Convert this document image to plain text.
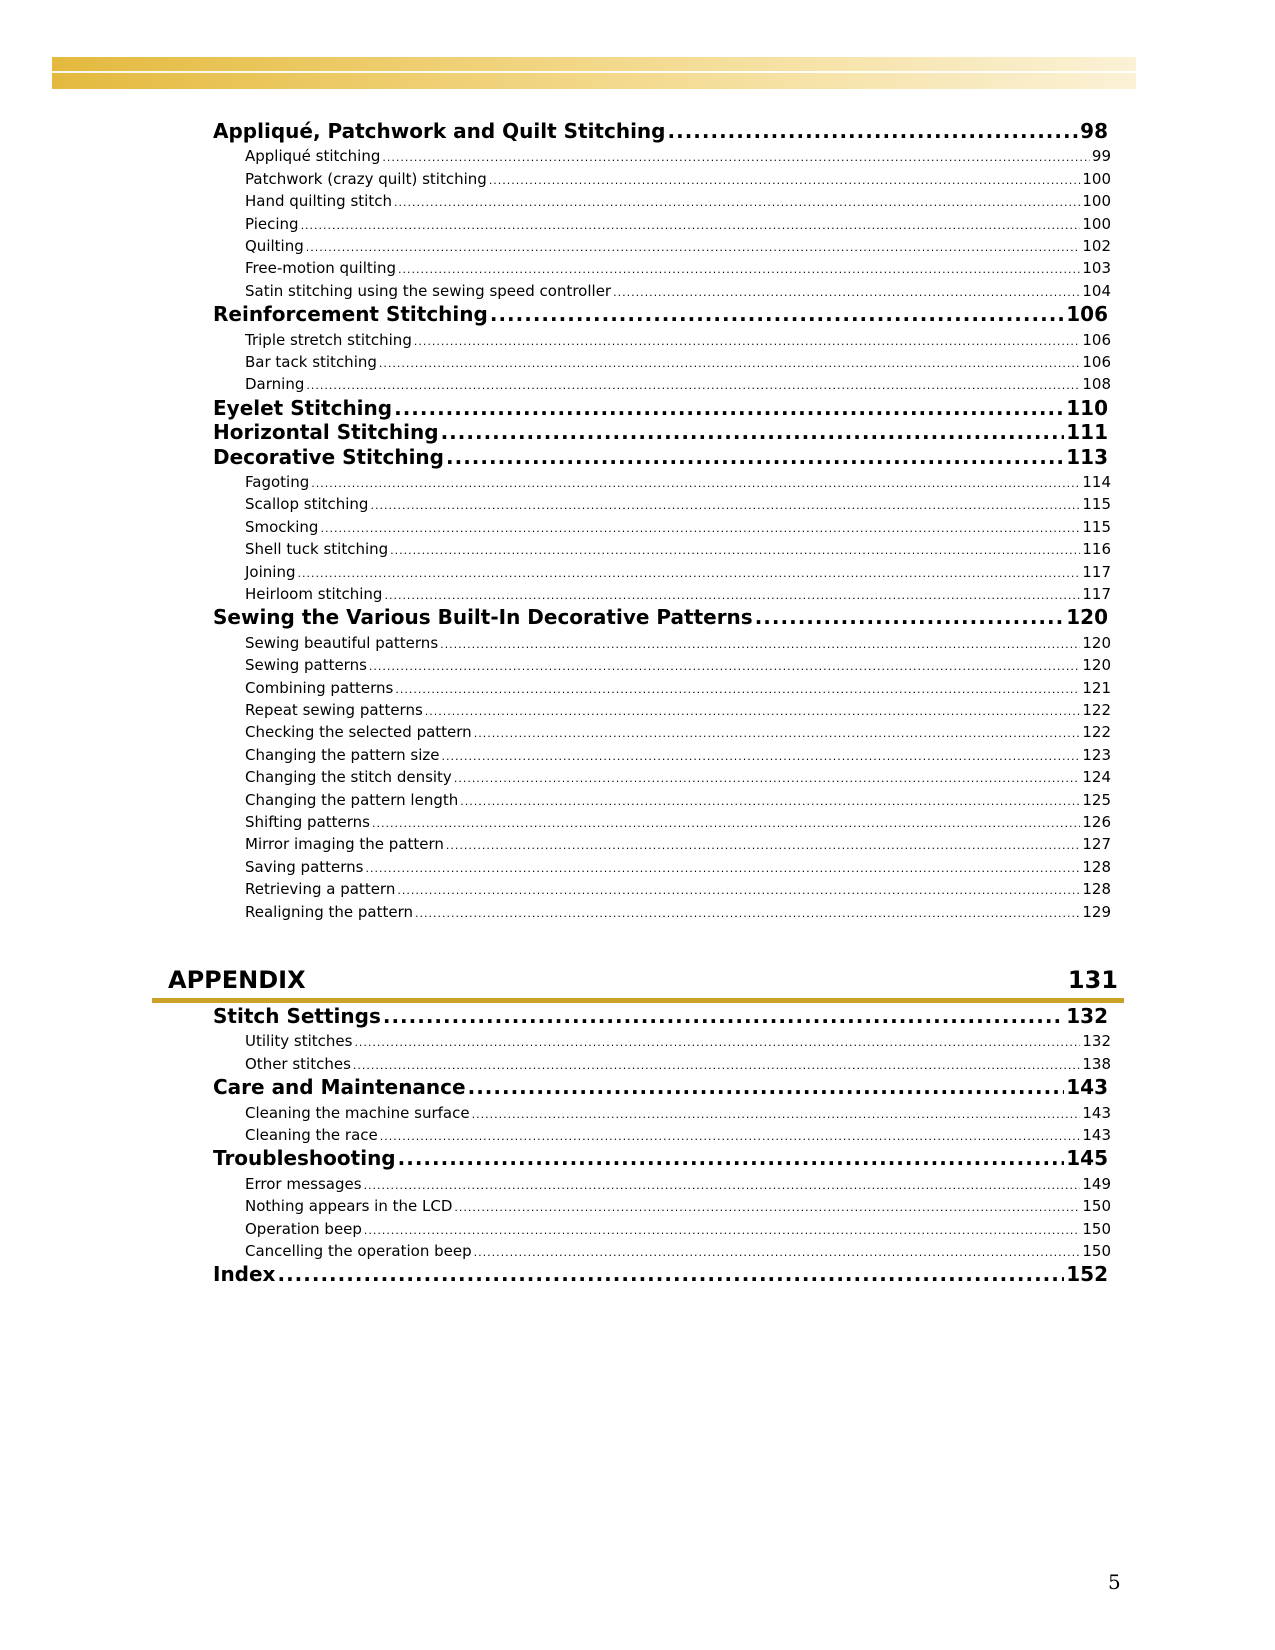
Appliqué, Patchwork and Quilt Stitching .....	98
Appliqué stitching .....	99
Patchwork (crazy quilt) stitching .....	100
Hand quilting stitch .....	100
Piecing .....	100
Quilting .....	102
Free-motion quilting .....	103
Satin stitching using the sewing speed controller .....	104
Reinforcement Stitching .....	106
Triple stretch stitching .....	106
Bar tack stitching .....	106
Darning .....	108
Eyelet Stitching .....	110
Horizontal Stitching .....	111
Decorative Stitching .....	113
Fagoting .....	114
Scallop stitching .....	115
Smocking .....	115
Shell tuck stitching .....	116
Joining .....	117
Heirloom stitching .....	117
Sewing the Various Built-In Decorative Patterns .....	120
Sewing beautiful patterns .....	120
Sewing patterns .....	120
Combining patterns .....	121
Repeat sewing patterns .....	122
Checking the selected pattern .....	122
Changing the pattern size .....	123
Changing the stitch density .....	124
Changing the pattern length .....	125
Shifting patterns .....	126
Mirror imaging the pattern .....	127
Saving patterns .....	128
Retrieving a pattern .....	128
Realigning the pattern .....	129
Stitch Settings .....	132
Utility stitches .....	132
Other stitches .....	138
Care and Maintenance .....	143
Cleaning the machine surface .....	143
Cleaning the race .....	143
Troubleshooting .....	145
Error messages .....	149
Nothing appears in the LCD .....	150
Operation beep .....	150
Cancelling the operation beep .....	150
Index .....	152
APPENDIX	131
5
